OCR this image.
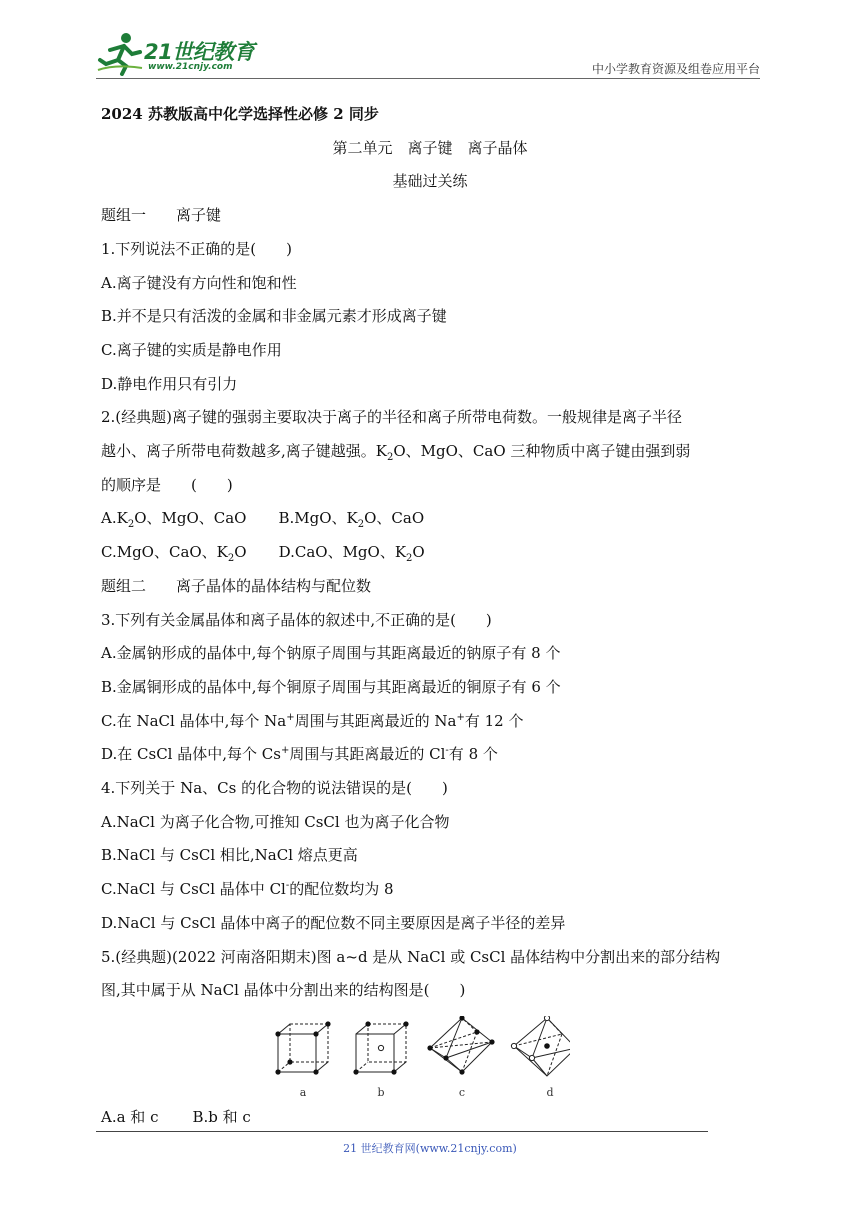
21世纪教育
www.21cnjy.com	中小学教育资源及组卷应用平台
2024 苏教版高中化学选择性必修 2 同步
第二单元　离子键　离子晶体
基础过关练
题组一　　离子键
1.下列说法不正确的是(　　)
A.离子键没有方向性和饱和性
B.并不是只有活泼的金属和非金属元素才形成离子键
C.离子键的实质是静电作用
D.静电作用只有引力
2.(经典题)离子键的强弱主要取决于离子的半径和离子所带电荷数。一般规律是离子半径
越小、离子所带电荷数越多,离子键越强。$K_2O$、MgO、CaO 三种物质中离子键由强到弱
的顺序是　　(　　)
$A.K_2O$、MgO、CaO B.MgO、$K_2O$、CaO
C.MgO、CaO、$K_2O$ D.CaO、MgO、$K_2O$
题组二　　离子晶体的晶体结构与配位数
3.下列有关金属晶体和离子晶体的叙述中,不正确的是(　　)
A.金属钠形成的晶体中,每个钠原子周围与其距离最近的钠原子有 8 个
B.金属铜形成的晶体中,每个铜原子周围与其距离最近的铜原子有 6 个
C.在 NaCl 晶体中,每个 Na+周围与其距离最近的 Na+有 12 个
D.在 CsCl 晶体中,每个 Cs+周围与其距离最近的 Cl-有 8 个
4.下列关于 Na、Cs 的化合物的说法错误的是(　　)
A.NaCl 为离子化合物,可推知 CsCl 也为离子化合物
B.NaCl 与 CsCl 相比,NaCl 熔点更高
C.NaCl 与 CsCl 晶体中 Cl-的配位数均为 8
D.NaCl 与 CsCl 晶体中离子的配位数不同主要原因是离子半径的差异
5.(经典题)(2022 河南洛阳期末)图 a~d 是从 NaCl 或 CsCl 晶体结构中分割出来的部分结构
图,其中属于从 NaCl 晶体中分割出来的结构图是(　　)
a	b	c	d
A.a 和 c B.b 和 c
21 世纪教育网(www.21cnjy.com)
